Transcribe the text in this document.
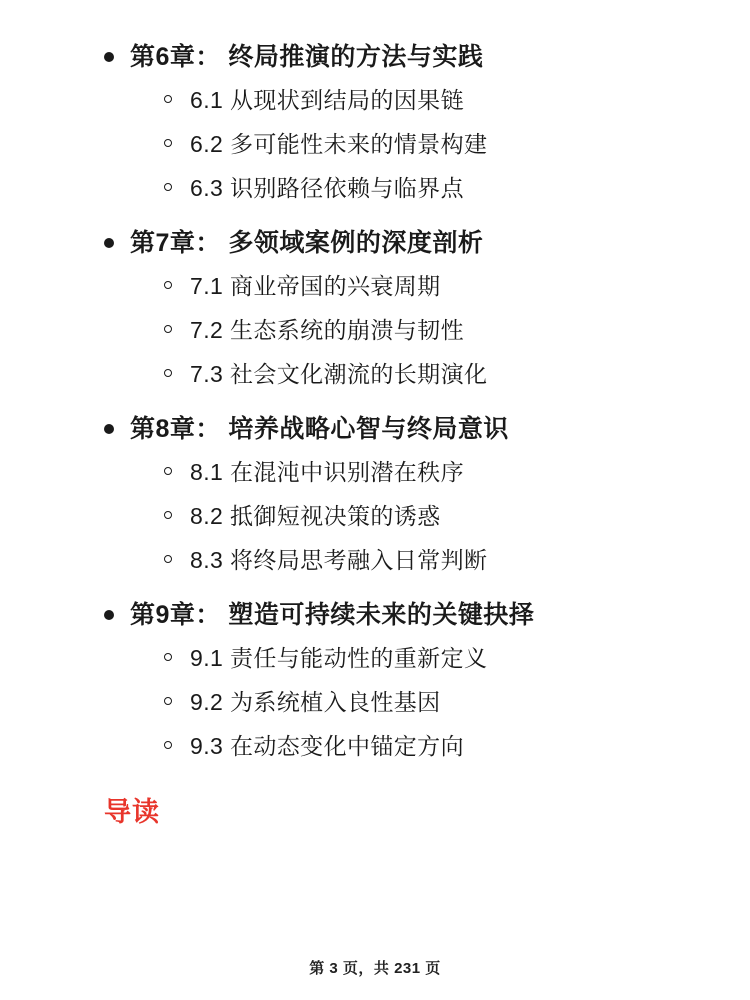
第6章： 终局推演的方法与实践
6.1 从现状到结局的因果链
6.2 多可能性未来的情景构建
6.3 识别路径依赖与临界点
第7章： 多领域案例的深度剖析
7.1 商业帝国的兴衰周期
7.2 生态系统的崩溃与韧性
7.3 社会文化潮流的长期演化
第8章： 培养战略心智与终局意识
8.1 在混沌中识别潜在秩序
8.2 抵御短视决策的诱惑
8.3 将终局思考融入日常判断
第9章： 塑造可持续未来的关键抉择
9.1 责任与能动性的重新定义
9.2 为系统植入良性基因
9.3 在动态变化中锚定方向
导读
第 3 页，共 231 页
